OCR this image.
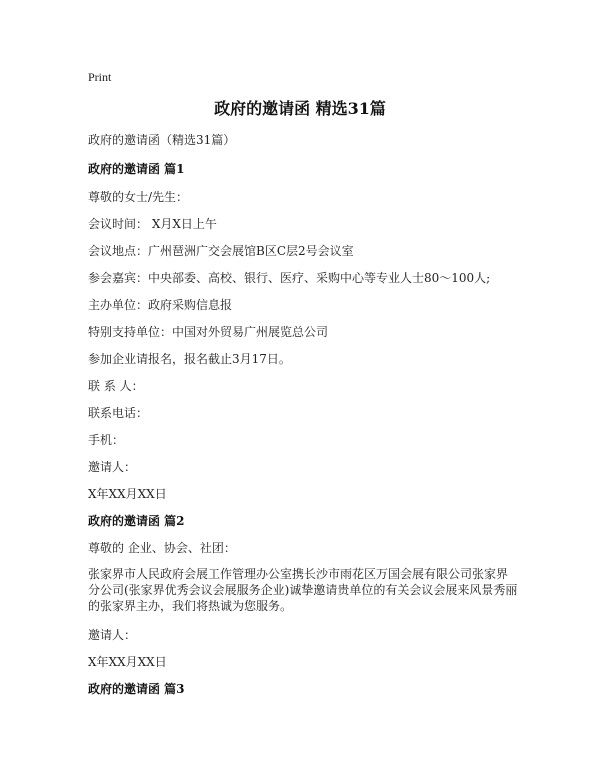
Print
政府的邀请函 精选31篇
政府的邀请函（精选31篇）
政府的邀请函 篇1
尊敬的女士/先生：
会议时间： X月X日上午
会议地点：广州琶洲广交会展馆B区C层2号会议室
参会嘉宾：中央部委、高校、银行、医疗、采购中心等专业人士80～100人;
主办单位：政府采购信息报
特别支持单位：中国对外贸易广州展览总公司
参加企业请报名，报名截止3月17日。
联 系 人：
联系电话：
手机：
邀请人：
X年XX月XX日
政府的邀请函 篇2
尊敬的 企业、协会、社团：
张家界市人民政府会展工作管理办公室携长沙市雨花区万国会展有限公司张家界分公司(张家界优秀会议会展服务企业)诚挚邀请贵单位的有关会议会展来风景秀丽的张家界主办，我们将热诚为您服务。
邀请人：
X年XX月XX日
政府的邀请函 篇3
